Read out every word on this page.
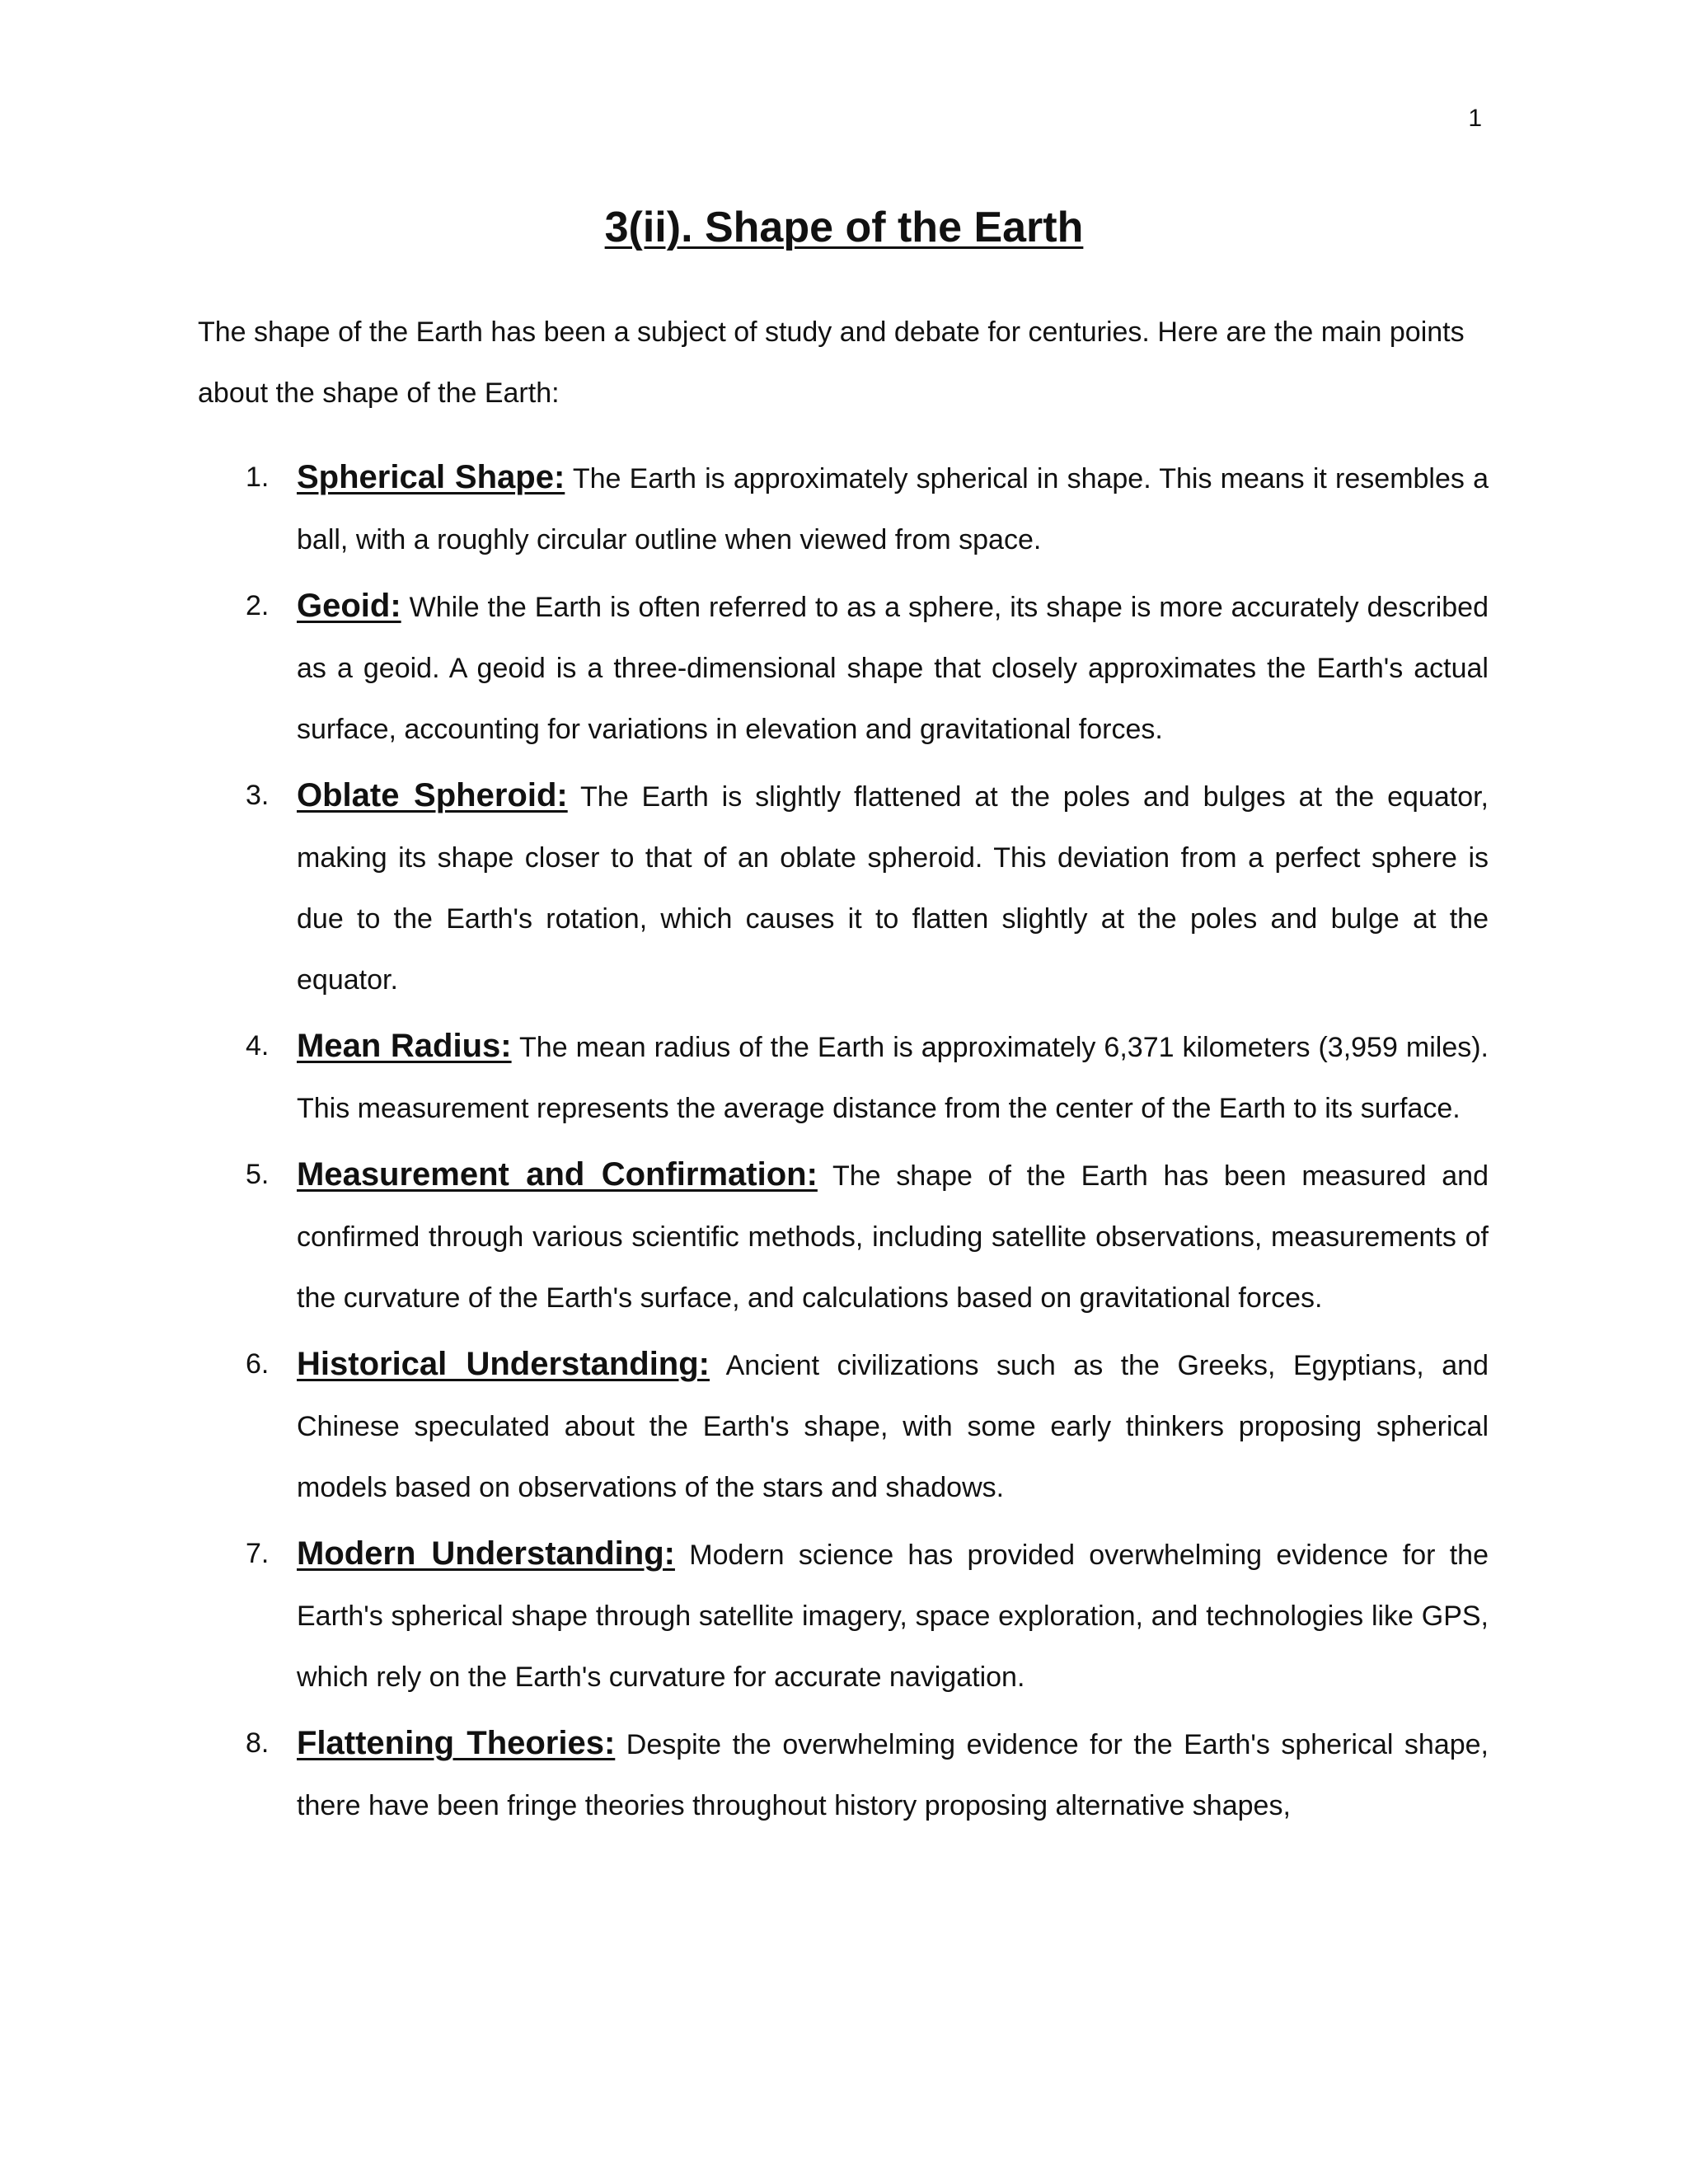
1
3(ii). Shape of the Earth

The shape of the Earth has been a subject of study and debate for centuries. Here are the main points about the shape of the Earth:

1. Spherical Shape: The Earth is approximately spherical in shape. This means it resembles a ball, with a roughly circular outline when viewed from space.
2. Geoid: While the Earth is often referred to as a sphere, its shape is more accurately described as a geoid. A geoid is a three-dimensional shape that closely approximates the Earth's actual surface, accounting for variations in elevation and gravitational forces.
3. Oblate Spheroid: The Earth is slightly flattened at the poles and bulges at the equator, making its shape closer to that of an oblate spheroid. This deviation from a perfect sphere is due to the Earth's rotation, which causes it to flatten slightly at the poles and bulge at the equator.
4. Mean Radius: The mean radius of the Earth is approximately 6,371 kilometers (3,959 miles). This measurement represents the average distance from the center of the Earth to its surface.
5. Measurement and Confirmation: The shape of the Earth has been measured and confirmed through various scientific methods, including satellite observations, measurements of the curvature of the Earth's surface, and calculations based on gravitational forces.
6. Historical Understanding: Ancient civilizations such as the Greeks, Egyptians, and Chinese speculated about the Earth's shape, with some early thinkers proposing spherical models based on observations of the stars and shadows.
7. Modern Understanding: Modern science has provided overwhelming evidence for the Earth's spherical shape through satellite imagery, space exploration, and technologies like GPS, which rely on the Earth's curvature for accurate navigation.
8. Flattening Theories: Despite the overwhelming evidence for the Earth's spherical shape, there have been fringe theories throughout history proposing alternative shapes,
